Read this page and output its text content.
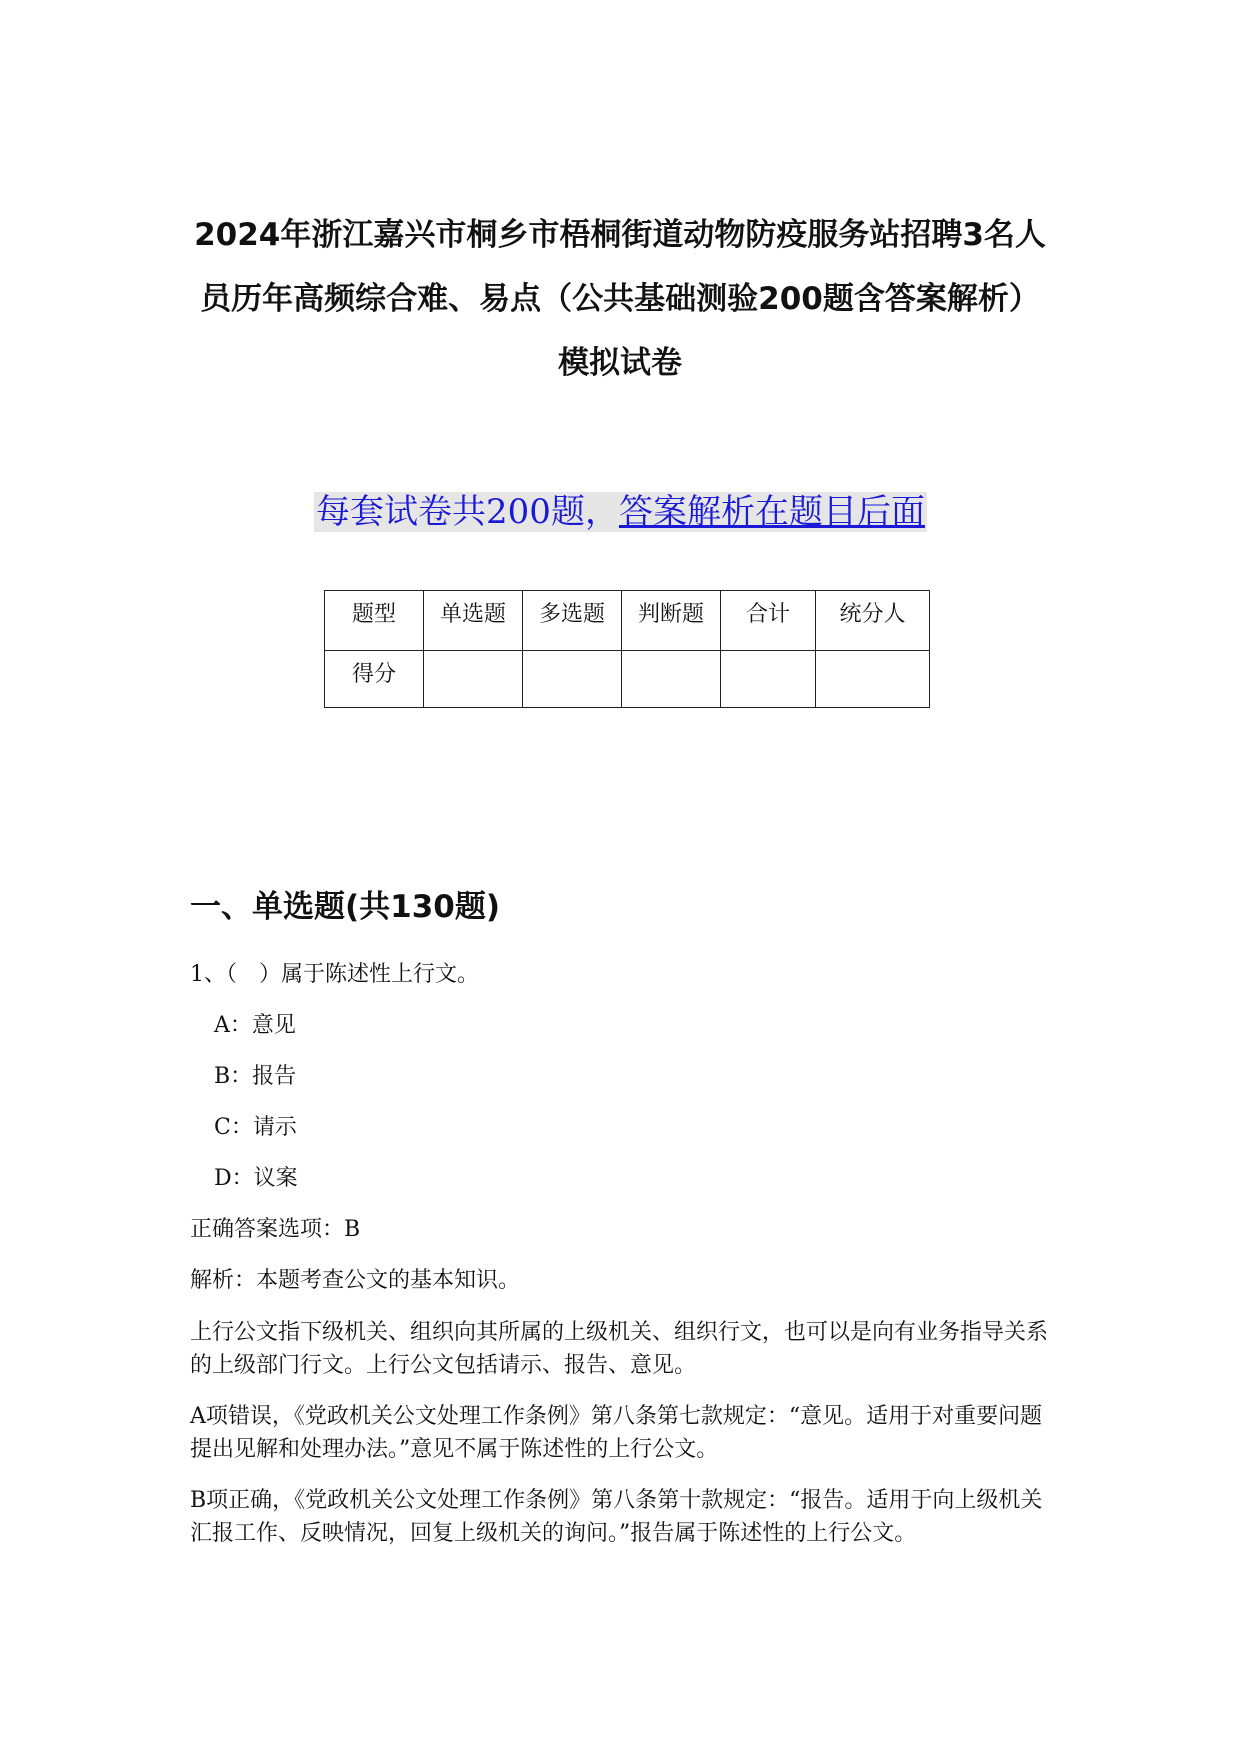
2024年浙江嘉兴市桐乡市梧桐街道动物防疫服务站招聘3名人员历年高频综合难、易点（公共基础测验200题含答案解析）模拟试卷
每套试卷共200题，答案解析在题目后面
题型	单选题	多选题	判断题	合计	统分人
得分					
一、单选题(共130题)
1、（　）属于陈述性上行文。
A：意见
B：报告
C：请示
D：议案
正确答案选项：B
解析：本题考查公文的基本知识。
上行公文指下级机关、组织向其所属的上级机关、组织行文，也可以是向有业务指导关系的上级部门行文。上行公文包括请示、报告、意见。
A项错误，《党政机关公文处理工作条例》第八条第七款规定：“意见。适用于对重要问题提出见解和处理办法。”意见不属于陈述性的上行公文。
B项正确，《党政机关公文处理工作条例》第八条第十款规定：“报告。适用于向上级机关汇报工作、反映情况，回复上级机关的询问。”报告属于陈述性的上行公文。
